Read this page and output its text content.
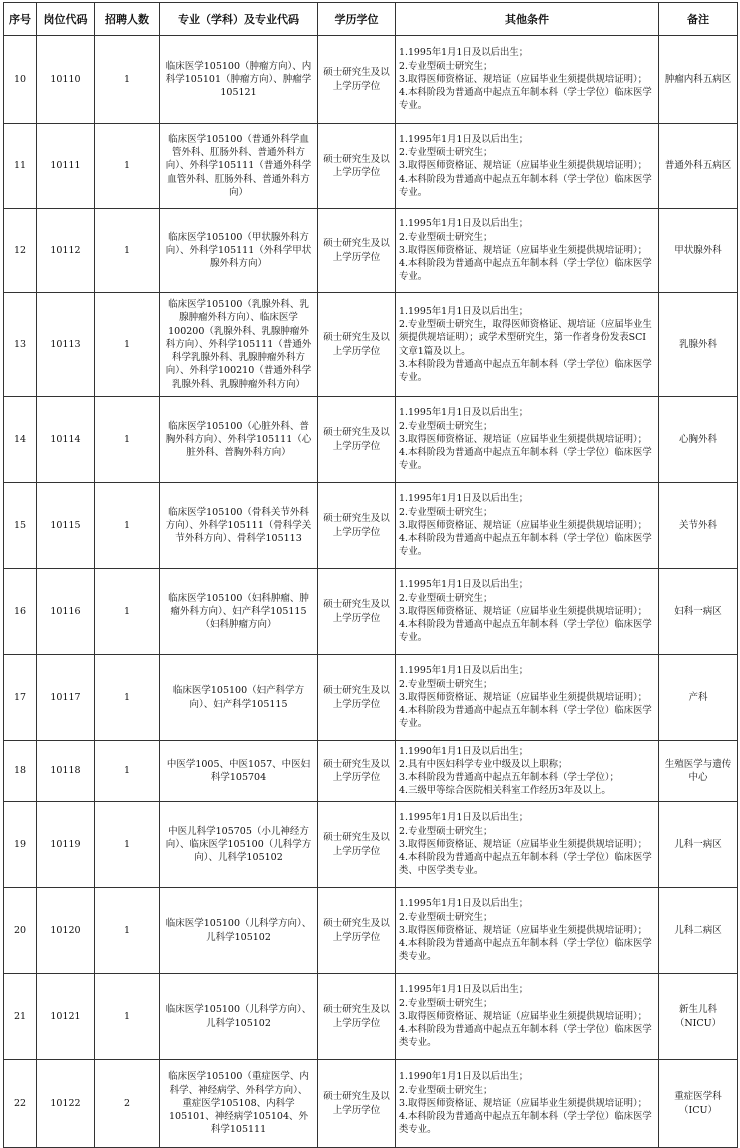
序号	岗位代码	招聘人数	专业（学科）及专业代码	学历学位	其他条件	备注
10	10110	1	临床医学105100（肿瘤方向）、内科学105101（肿瘤方向）、肿瘤学105121	硕士研究生及以上学历学位	1.1995年1月1日及以后出生；
2.专业型硕士研究生；
3.取得医师资格证、规培证（应届毕业生须提供规培证明）；
4.本科阶段为普通高中起点五年制本科（学士学位）临床医学专业。	肿瘤内科五病区
11	10111	1	临床医学105100（普通外科学血管外科、肛肠外科、普通外科方向）、外科学105111（普通外科学血管外科、肛肠外科、普通外科方向）	硕士研究生及以上学历学位	1.1995年1月1日及以后出生；
2.专业型硕士研究生；
3.取得医师资格证、规培证（应届毕业生须提供规培证明）；
4.本科阶段为普通高中起点五年制本科（学士学位）临床医学专业。	普通外科五病区
12	10112	1	临床医学105100（甲状腺外科方向）、外科学105111（外科学甲状腺外科方向）	硕士研究生及以上学历学位	1.1995年1月1日及以后出生；
2.专业型硕士研究生；
3.取得医师资格证、规培证（应届毕业生须提供规培证明）；
4.本科阶段为普通高中起点五年制本科（学士学位）临床医学专业。	甲状腺外科
13	10113	1	临床医学105100（乳腺外科、乳腺肿瘤外科方向）、临床医学100200（乳腺外科、乳腺肿瘤外科方向）、外科学105111（普通外科学乳腺外科、乳腺肿瘤外科方向）、外科学100210（普通外科学乳腺外科、乳腺肿瘤外科方向）	硕士研究生及以上学历学位	1.1995年1月1日及以后出生；
2.专业型硕士研究生，取得医师资格证、规培证（应届毕业生须提供规培证明）；或学术型研究生，第一作者身份发表SCI文章1篇及以上。
3.本科阶段为普通高中起点五年制本科（学士学位）临床医学专业。	乳腺外科
14	10114	1	临床医学105100（心脏外科、普胸外科方向）、外科学105111（心脏外科、普胸外科方向）	硕士研究生及以上学历学位	1.1995年1月1日及以后出生；
2.专业型硕士研究生；
3.取得医师资格证、规培证（应届毕业生须提供规培证明）；
4.本科阶段为普通高中起点五年制本科（学士学位）临床医学专业。	心胸外科
15	10115	1	临床医学105100（骨科关节外科方向）、外科学105111（骨科学关节外科方向）、骨科学105113	硕士研究生及以上学历学位	1.1995年1月1日及以后出生；
2.专业型硕士研究生；
3.取得医师资格证、规培证（应届毕业生须提供规培证明）；
4.本科阶段为普通高中起点五年制本科（学士学位）临床医学专业。	关节外科
16	10116	1	临床医学105100（妇科肿瘤、肿瘤外科方向）、妇产科学105115（妇科肿瘤方向）	硕士研究生及以上学历学位	1.1995年1月1日及以后出生；
2.专业型硕士研究生；
3.取得医师资格证、规培证（应届毕业生须提供规培证明）；
4.本科阶段为普通高中起点五年制本科（学士学位）临床医学专业。	妇科一病区
17	10117	1	临床医学105100（妇产科学方向）、妇产科学105115	硕士研究生及以上学历学位	1.1995年1月1日及以后出生；
2.专业型硕士研究生；
3.取得医师资格证、规培证（应届毕业生须提供规培证明）；
4.本科阶段为普通高中起点五年制本科（学士学位）临床医学专业。	产科
18	10118	1	中医学1005、中医1057、中医妇科学105704	硕士研究生及以上学历学位	1.1990年1月1日及以后出生；
2.具有中医妇科学专业中级及以上职称；
3.本科阶段为普通高中起点五年制本科（学士学位）；
4.三级甲等综合医院相关科室工作经历3年及以上。	生殖医学与遗传中心
19	10119	1	中医儿科学105705（小儿神经方向）、临床医学105100（儿科学方向）、儿科学105102	硕士研究生及以上学历学位	1.1995年1月1日及以后出生；
2.专业型硕士研究生；
3.取得医师资格证、规培证（应届毕业生须提供规培证明）；
4.本科阶段为普通高中起点五年制本科（学士学位）临床医学类、中医学类专业。	儿科一病区
20	10120	1	临床医学105100（儿科学方向）、儿科学105102	硕士研究生及以上学历学位	1.1995年1月1日及以后出生；
2.专业型硕士研究生；
3.取得医师资格证、规培证（应届毕业生须提供规培证明）；
4.本科阶段为普通高中起点五年制本科（学士学位）临床医学类专业。	儿科二病区
21	10121	1	临床医学105100（儿科学方向）、儿科学105102	硕士研究生及以上学历学位	1.1995年1月1日及以后出生；
2.专业型硕士研究生；
3.取得医师资格证、规培证（应届毕业生须提供规培证明）；
4.本科阶段为普通高中起点五年制本科（学士学位）临床医学类专业。	新生儿科（NICU）
22	10122	2	临床医学105100（重症医学、内科学、神经病学、外科学方向）、重症医学105108、内科学105101、神经病学105104、外科学105111	硕士研究生及以上学历学位	1.1990年1月1日及以后出生；
2.专业型硕士研究生；
3.取得医师资格证、规培证（应届毕业生须提供规培证明）；
4.本科阶段为普通高中起点五年制本科（学士学位）临床医学类专业。	重症医学科（ICU）
